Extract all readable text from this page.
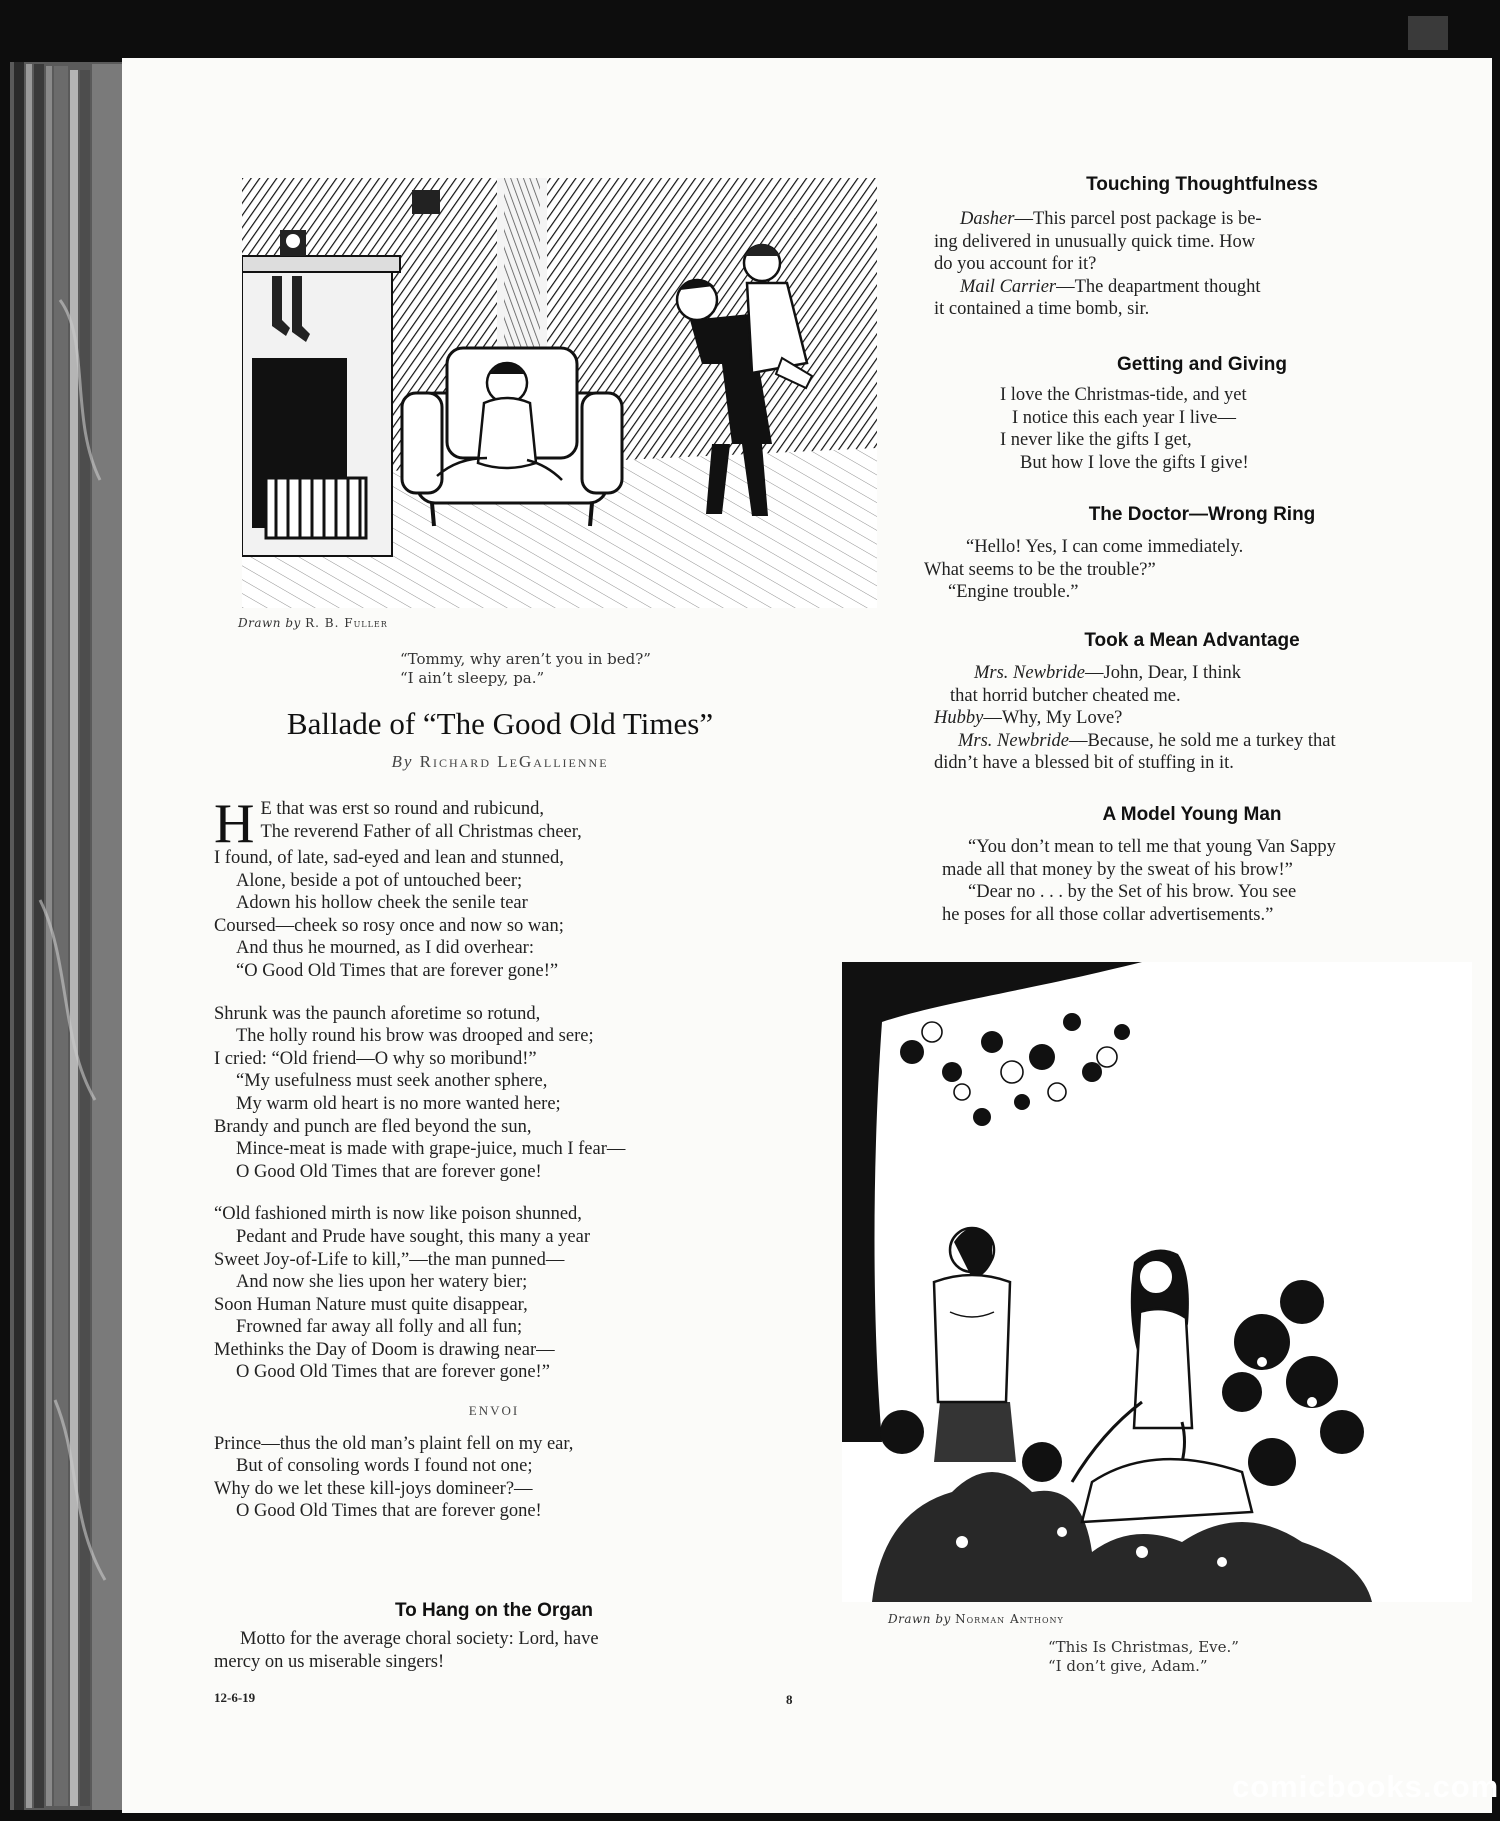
Drawn by R. B. Fuller
“Tommy, why aren’t you in bed?”
“I ain’t sleepy, pa.”
Ballade of “The Good Old Times”
By Richard LeGallienne
H E that was erst so round and rubicund,
The reverend Father of all Christmas cheer,
I found, of late, sad-eyed and lean and stunned,
Alone, beside a pot of untouched beer;
Adown his hollow cheek the senile tear
Coursed—cheek so rosy once and now so wan;
And thus he mourned, as I did overhear:
“O Good Old Times that are forever gone!”
Shrunk was the paunch aforetime so rotund,
The holly round his brow was drooped and sere;
I cried: “Old friend—O why so moribund!”
“My usefulness must seek another sphere,
My warm old heart is no more wanted here;
Brandy and punch are fled beyond the sun,
Mince-meat is made with grape-juice, much I fear—
O Good Old Times that are forever gone!
“Old fashioned mirth is now like poison shunned,
Pedant and Prude have sought, this many a year
Sweet Joy-of-Life to kill,”—the man punned—
And now she lies upon her watery bier;
Soon Human Nature must quite disappear,
Frowned far away all folly and all fun;
Methinks the Day of Doom is drawing near—
O Good Old Times that are forever gone!”
ENVOI
Prince—thus the old man’s plaint fell on my ear,
But of consoling words I found not one;
Why do we let these kill-joys domineer?—
O Good Old Times that are forever gone!
To Hang on the Organ
Motto for the average choral society: Lord, have
mercy on us miserable singers!
12-6-19	8
Touching Thoughtfulness
Dasher—This parcel post package is be-
ing delivered in unusually quick time. How
do you account for it?
Mail Carrier—The deapartment thought
it contained a time bomb, sir.
Getting and Giving
I love the Christmas-tide, and yet
I notice this each year I live—
I never like the gifts I get,
But how I love the gifts I give!
The Doctor—Wrong Ring
“Hello! Yes, I can come immediately.
What seems to be the trouble?”
“Engine trouble.”
Took a Mean Advantage
Mrs. Newbride—John, Dear, I think
that horrid butcher cheated me.
Hubby—Why, My Love?
Mrs. Newbride—Because, he sold me a turkey that
didn’t have a blessed bit of stuffing in it.
A Model Young Man
“You don’t mean to tell me that young Van Sappy
made all that money by the sweat of his brow!”
“Dear no . . . by the Set of his brow. You see
he poses for all those collar advertisements.”
Drawn by Norman Anthony
“This Is Christmas, Eve.”
“I don’t give, Adam.”
comicbooks.com
